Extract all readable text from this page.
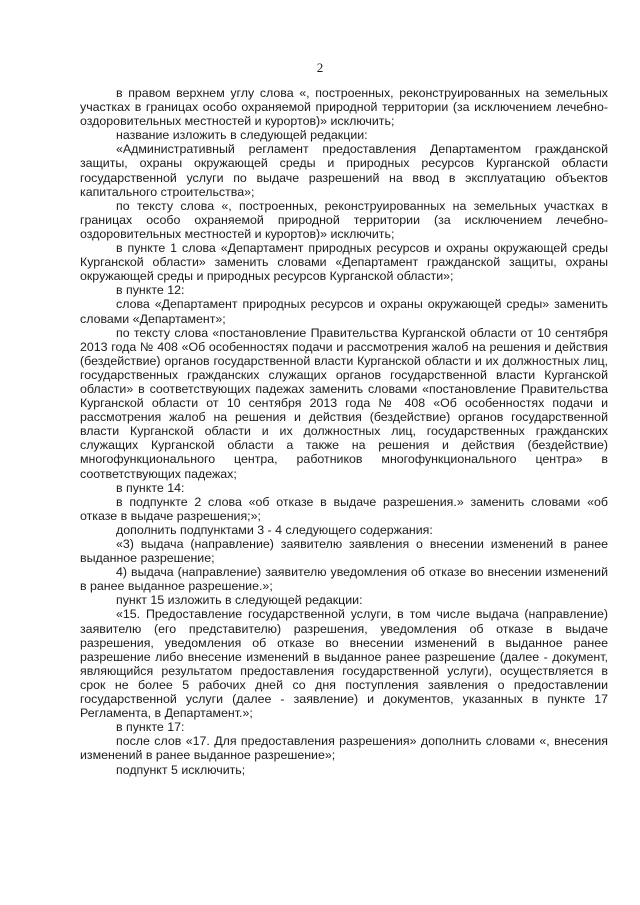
2

в правом верхнем углу слова «, построенных, реконструированных на земельных участках в границах особо охраняемой природной территории (за исключением лечебно-оздоровительных местностей и курортов)» исключить;

название изложить в следующей редакции:

«Административный регламент предоставления Департаментом гражданской защиты, охраны окружающей среды и природных ресурсов Курганской области государственной услуги по выдаче разрешений на ввод в эксплуатацию объектов капитального строительства»;

по тексту слова «, построенных, реконструированных на земельных участках в границах особо охраняемой природной территории (за исключением лечебно-оздоровительных местностей и курортов)» исключить;

в пункте 1 слова «Департамент природных ресурсов и охраны окружающей среды Курганской области» заменить словами «Департамент гражданской защиты, охраны окружающей среды и природных ресурсов Курганской области»;

в пункте 12:

слова «Департамент природных ресурсов и охраны окружающей среды» заменить словами «Департамент»;

по тексту слова «постановление Правительства Курганской области от 10 сентября 2013 года № 408 «Об особенностях подачи и рассмотрения жалоб на решения и действия (бездействие) органов государственной власти Курганской области и их должностных лиц, государственных гражданских служащих органов государственной власти Курганской области» в соответствующих падежах заменить словами «постановление Правительства Курганской области от 10 сентября 2013 года № 408 «Об особенностях подачи и рассмотрения жалоб на решения и действия (бездействие) органов государственной власти Курганской области и их должностных лиц, государственных гражданских служащих Курганской области а также на решения и действия (бездействие) многофункционального центра, работников многофункционального центра» в соответствующих падежах;

в пункте 14:

в подпункте 2 слова «об отказе в выдаче разрешения.» заменить словами «об отказе в выдаче разрешения;»;

дополнить подпунктами 3 - 4 следующего содержания:

«3) выдача (направление) заявителю заявления о внесении изменений в ранее выданное разрешение;

4) выдача (направление) заявителю уведомления об отказе во внесении изменений в ранее выданное разрешение.»;

пункт 15 изложить в следующей редакции:

«15. Предоставление государственной услуги, в том числе выдача (направление) заявителю (его представителю) разрешения, уведомления об отказе в выдаче разрешения, уведомления об отказе во внесении изменений в выданное ранее разрешение либо внесение изменений в выданное ранее разрешение (далее - документ, являющийся результатом предоставления государственной услуги), осуществляется в срок не более 5 рабочих дней со дня поступления заявления о предоставлении государственной услуги (далее - заявление) и документов, указанных в пункте 17 Регламента, в Департамент.»;

в пункте 17:

после слов «17. Для предоставления разрешения» дополнить словами «, внесения изменений в ранее выданное разрешение»;

подпункт 5 исключить;
